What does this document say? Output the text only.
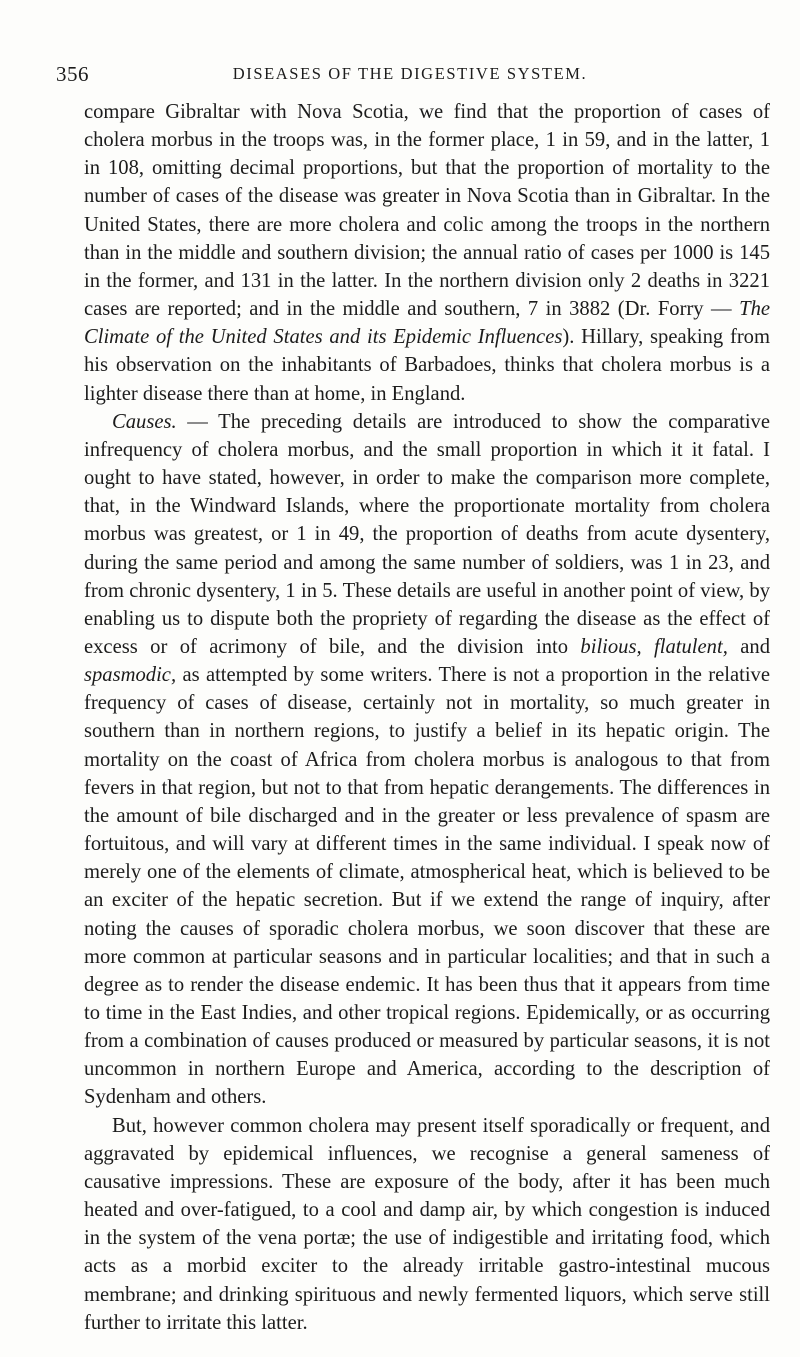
356	DISEASES OF THE DIGESTIVE SYSTEM.

compare Gibraltar with Nova Scotia, we find that the proportion of cases of cholera morbus in the troops was, in the former place, 1 in 59, and in the latter, 1 in 108, omitting decimal proportions, but that the proportion of mortality to the number of cases of the disease was greater in Nova Scotia than in Gibraltar. In the United States, there are more cholera and colic among the troops in the northern than in the middle and southern division; the annual ratio of cases per 1000 is 145 in the former, and 131 in the latter. In the northern division only 2 deaths in 3221 cases are reported; and in the middle and southern, 7 in 3882 (Dr. Forry — The Climate of the United States and its Epidemic Influences). Hillary, speaking from his observation on the inhabitants of Barbadoes, thinks that cholera morbus is a lighter disease there than at home, in England.

Causes. — The preceding details are introduced to show the comparative infrequency of cholera morbus, and the small proportion in which it it fatal. I ought to have stated, however, in order to make the comparison more complete, that, in the Windward Islands, where the proportionate mortality from cholera morbus was greatest, or 1 in 49, the proportion of deaths from acute dysentery, during the same period and among the same number of soldiers, was 1 in 23, and from chronic dysentery, 1 in 5. These details are useful in another point of view, by enabling us to dispute both the propriety of regarding the disease as the effect of excess or of acrimony of bile, and the division into bilious, flatulent, and spasmodic, as attempted by some writers. There is not a proportion in the relative frequency of cases of disease, certainly not in mortality, so much greater in southern than in northern regions, to justify a belief in its hepatic origin. The mortality on the coast of Africa from cholera morbus is analogous to that from fevers in that region, but not to that from hepatic derangements. The differences in the amount of bile discharged and in the greater or less prevalence of spasm are fortuitous, and will vary at different times in the same individual. I speak now of merely one of the elements of climate, atmospherical heat, which is believed to be an exciter of the hepatic secretion. But if we extend the range of inquiry, after noting the causes of sporadic cholera morbus, we soon discover that these are more common at particular seasons and in particular localities; and that in such a degree as to render the disease endemic. It has been thus that it appears from time to time in the East Indies, and other tropical regions. Epidemically, or as occurring from a combination of causes produced or measured by particular seasons, it is not uncommon in northern Europe and America, according to the description of Sydenham and others.

But, however common cholera may present itself sporadically or frequent, and aggravated by epidemical influences, we recognise a general sameness of causative impressions. These are exposure of the body, after it has been much heated and over-fatigued, to a cool and damp air, by which congestion is induced in the system of the vena portæ; the use of indigestible and irritating food, which acts as a morbid exciter to the already irritable gastro-intestinal mucous membrane; and drinking spirituous and newly fermented liquors, which serve still further to irritate this latter.
